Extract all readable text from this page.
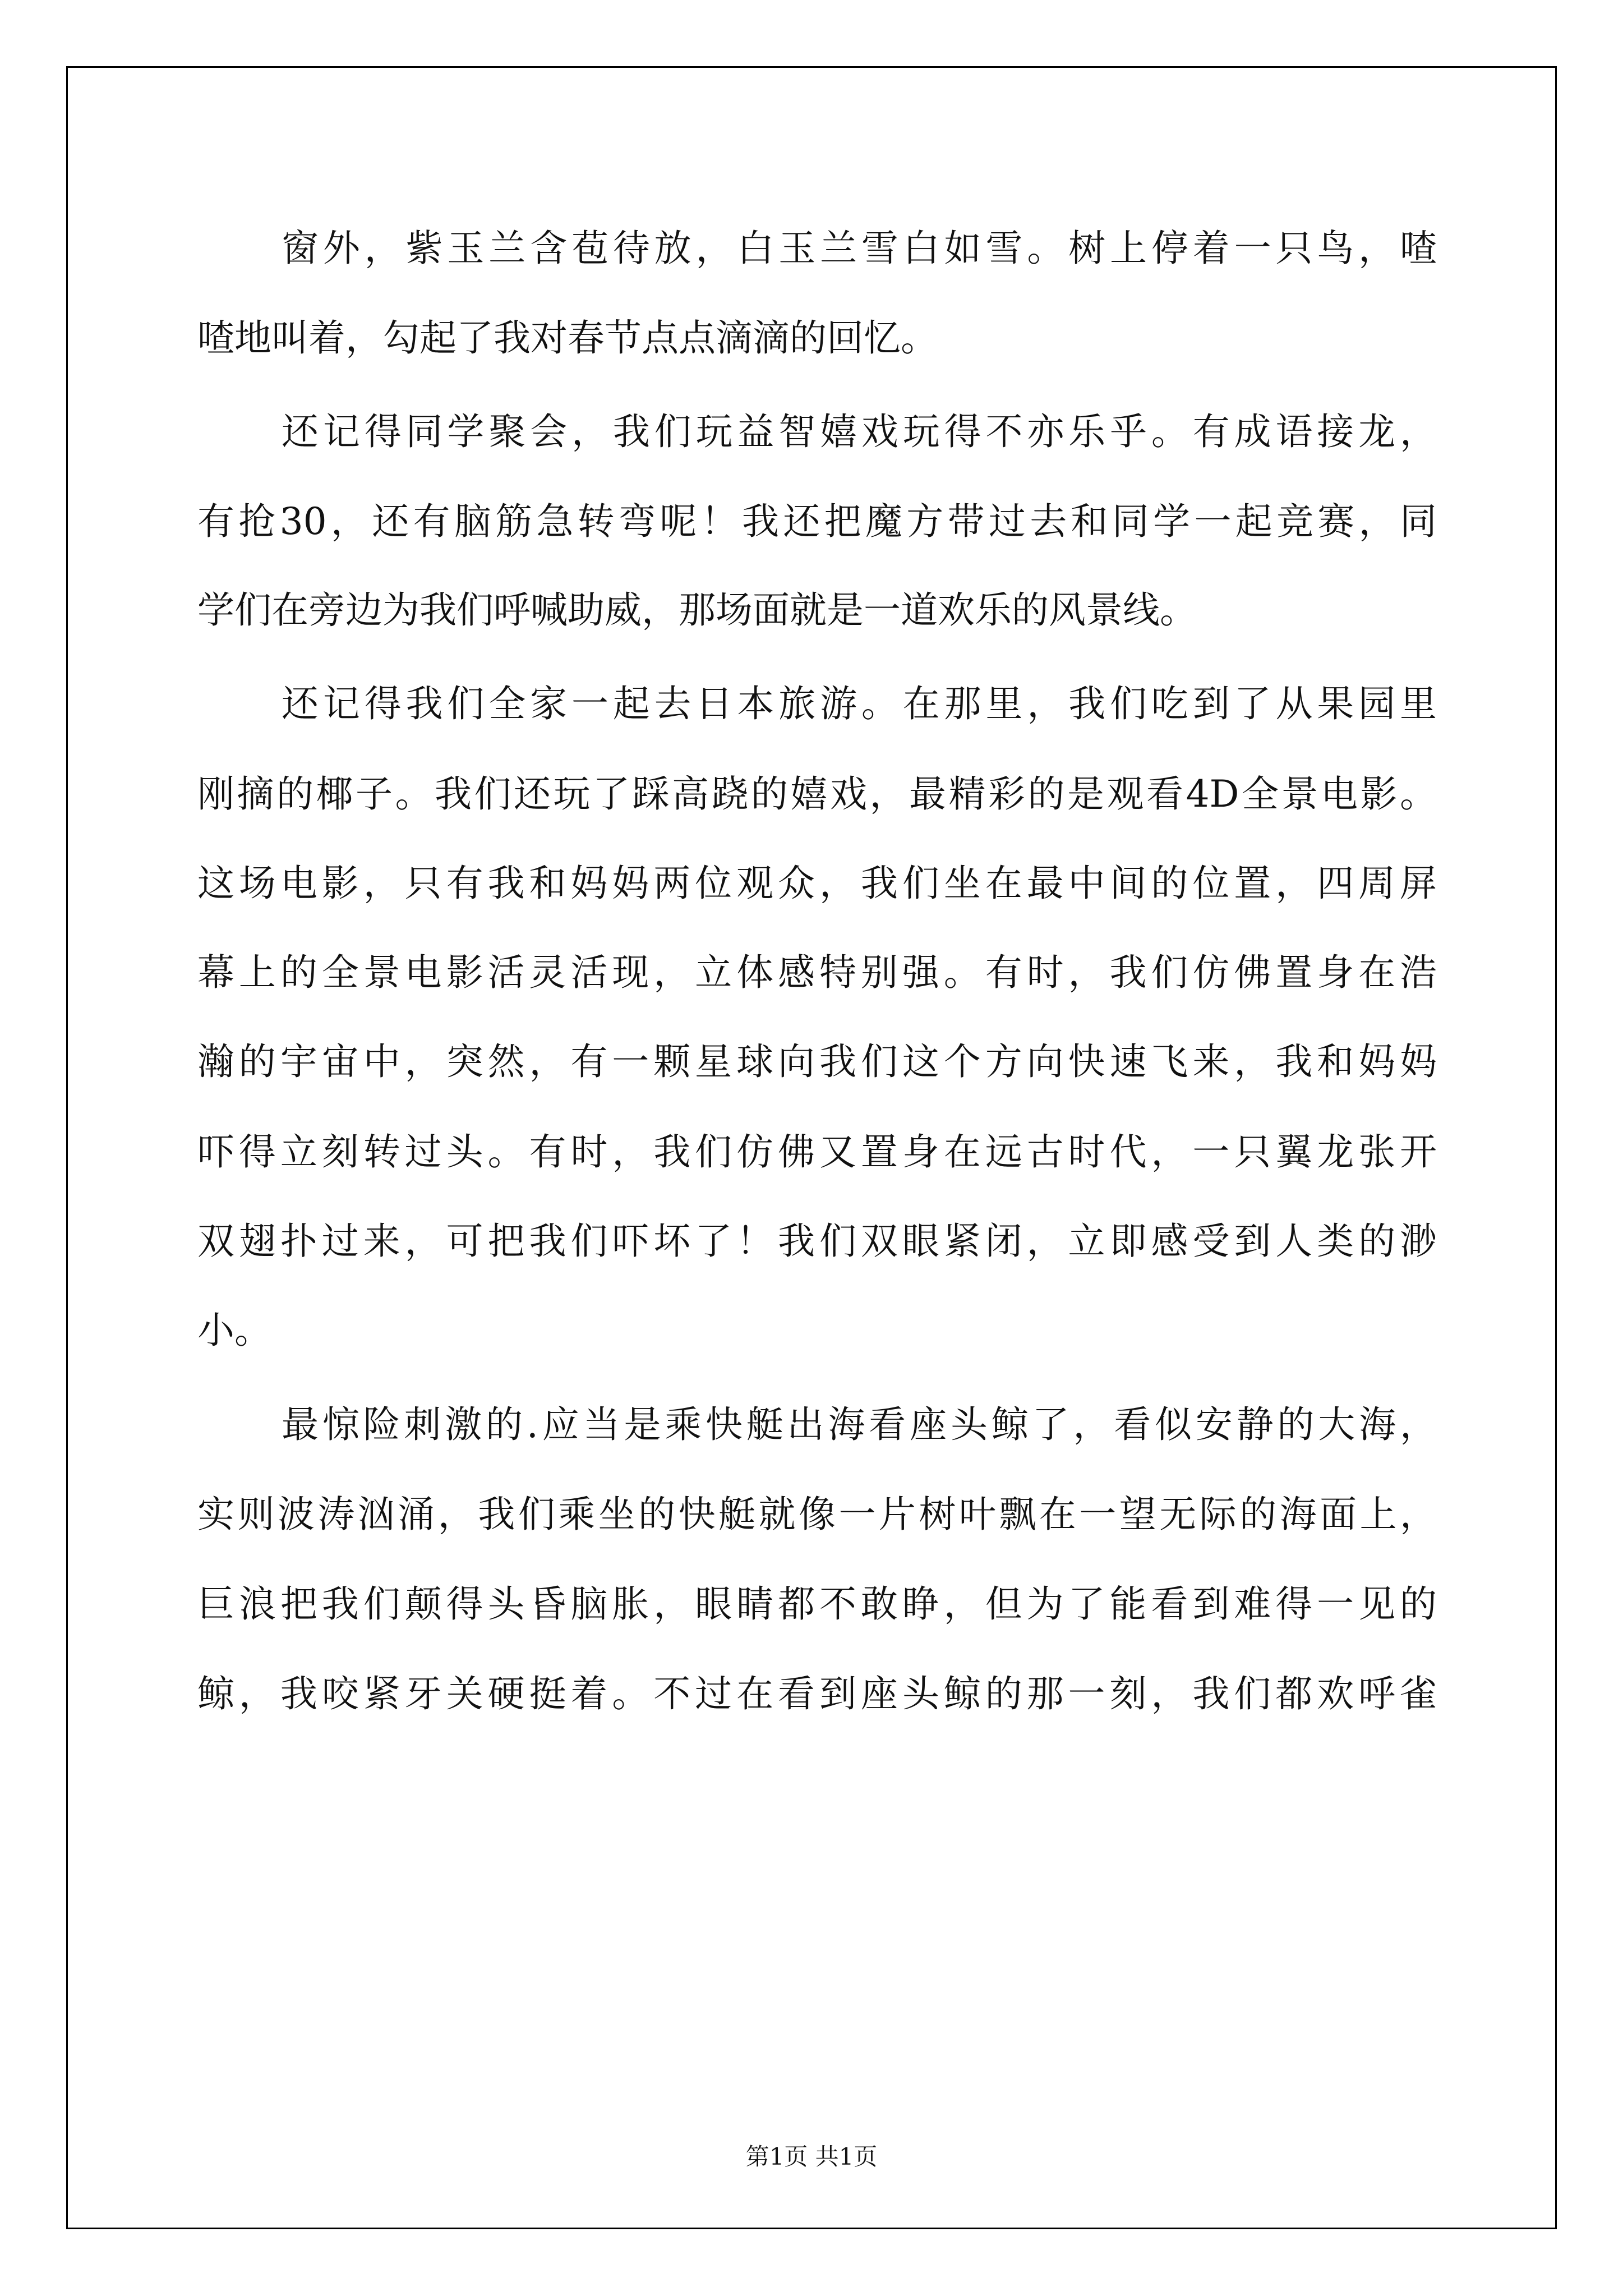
窗外，紫玉兰含苞待放，白玉兰雪白如雪。树上停着一只鸟，喳
喳地叫着，勾起了我对春节点点滴滴的回忆。
还记得同学聚会，我们玩益智嬉戏玩得不亦乐乎。有成语接龙，
有抢30，还有脑筋急转弯呢！我还把魔方带过去和同学一起竞赛，同
学们在旁边为我们呼喊助威，那场面就是一道欢乐的风景线。
还记得我们全家一起去日本旅游。在那里，我们吃到了从果园里
刚摘的椰子。我们还玩了踩高跷的嬉戏，最精彩的是观看4D全景电影。
这场电影，只有我和妈妈两位观众，我们坐在最中间的位置，四周屏
幕上的全景电影活灵活现，立体感特别强。有时，我们仿佛置身在浩
瀚的宇宙中，突然，有一颗星球向我们这个方向快速飞来，我和妈妈
吓得立刻转过头。有时，我们仿佛又置身在远古时代，一只翼龙张开
双翅扑过来，可把我们吓坏了！我们双眼紧闭，立即感受到人类的渺
小。
最惊险刺激的.应当是乘快艇出海看座头鲸了，看似安静的大海，
实则波涛汹涌，我们乘坐的快艇就像一片树叶飘在一望无际的海面上，
巨浪把我们颠得头昏脑胀，眼睛都不敢睁，但为了能看到难得一见的
鲸，我咬紧牙关硬挺着。不过在看到座头鲸的那一刻，我们都欢呼雀
第1页 共1页
